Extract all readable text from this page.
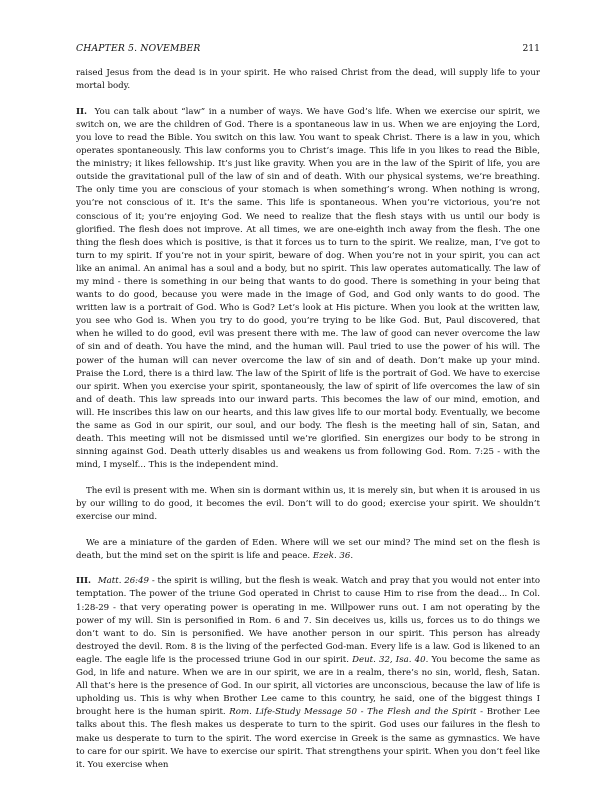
CHAPTER 5. NOVEMBER	211

raised Jesus from the dead is in your spirit. He who raised Christ from the dead, will supply life to your mortal body.

II. You can talk about “law” in a number of ways. We have God’s life. When we exercise our spirit, we switch on, we are the children of God. There is a spontaneous law in us. When we are enjoying the Lord, you love to read the Bible. You switch on this law. You want to speak Christ. There is a law in you, which operates spontaneously. This law conforms you to Christ’s image. This life in you likes to read the Bible, the ministry; it likes fellowship. It’s just like gravity. When you are in the law of the Spirit of life, you are outside the gravitational pull of the law of sin and of death. With our physical systems, we’re breathing. The only time you are conscious of your stomach is when something’s wrong. When nothing is wrong, you’re not conscious of it. It’s the same. This life is spontaneous. When you’re victorious, you’re not conscious of it; you’re enjoying God. We need to realize that the flesh stays with us until our body is glorified. The flesh does not improve. At all times, we are one-eighth inch away from the flesh. The one thing the flesh does which is positive, is that it forces us to turn to the spirit. We realize, man, I’ve got to turn to my spirit. If you’re not in your spirit, beware of dog. When you’re not in your spirit, you can act like an animal. An animal has a soul and a body, but no spirit. This law operates automatically. The law of my mind - there is something in our being that wants to do good. There is something in your being that wants to do good, because you were made in the image of God, and God only wants to do good. The written law is a portrait of God. Who is God? Let’s look at His picture. When you look at the written law, you see who God is. When you try to do good, you’re trying to be like God. But, Paul discovered, that when he willed to do good, evil was present there with me. The law of good can never overcome the law of sin and of death. You have the mind, and the human will. Paul tried to use the power of his will. The power of the human will can never overcome the law of sin and of death. Don’t make up your mind. Praise the Lord, there is a third law. The law of the Spirit of life is the portrait of God. We have to exercise our spirit. When you exercise your spirit, spontaneously, the law of spirit of life overcomes the law of sin and of death. This law spreads into our inward parts. This becomes the law of our mind, emotion, and will. He inscribes this law on our hearts, and this law gives life to our mortal body. Eventually, we become the same as God in our spirit, our soul, and our body. The flesh is the meeting hall of sin, Satan, and death. This meeting will not be dismissed until we’re glorified. Sin energizes our body to be strong in sinning against God. Death utterly disables us and weakens us from following God. Rom. 7:25 - with the mind, I myself... This is the independent mind.

The evil is present with me. When sin is dormant within us, it is merely sin, but when it is aroused in us by our willing to do good, it becomes the evil. Don’t will to do good; exercise your spirit. We shouldn’t exercise our mind.

We are a miniature of the garden of Eden. Where will we set our mind? The mind set on the flesh is death, but the mind set on the spirit is life and peace. Ezek. 36.

III. Matt. 26:49 - the spirit is willing, but the flesh is weak. Watch and pray that you would not enter into temptation. The power of the triune God operated in Christ to cause Him to rise from the dead... In Col. 1:28-29 - that very operating power is operating in me. Willpower runs out. I am not operating by the power of my will. Sin is personified in Rom. 6 and 7. Sin deceives us, kills us, forces us to do things we don’t want to do. Sin is personified. We have another person in our spirit. This person has already destroyed the devil. Rom. 8 is the living of the perfected God-man. Every life is a law. God is likened to an eagle. The eagle life is the processed triune God in our spirit. Deut. 32, Isa. 40. You become the same as God, in life and nature. When we are in our spirit, we are in a realm, there’s no sin, world, flesh, Satan. All that’s here is the presence of God. In our spirit, all victories are unconscious, because the law of life is upholding us. This is why when Brother Lee came to this country, he said, one of the biggest things I brought here is the human spirit. Rom. Life-Study Message 50 - The Flesh and the Spirit - Brother Lee talks about this. The flesh makes us desperate to turn to the spirit. God uses our failures in the flesh to make us desperate to turn to the spirit. The word exercise in Greek is the same as gymnastics. We have to care for our spirit. We have to exercise our spirit. That strengthens your spirit. When you don’t feel like it. You exercise when
